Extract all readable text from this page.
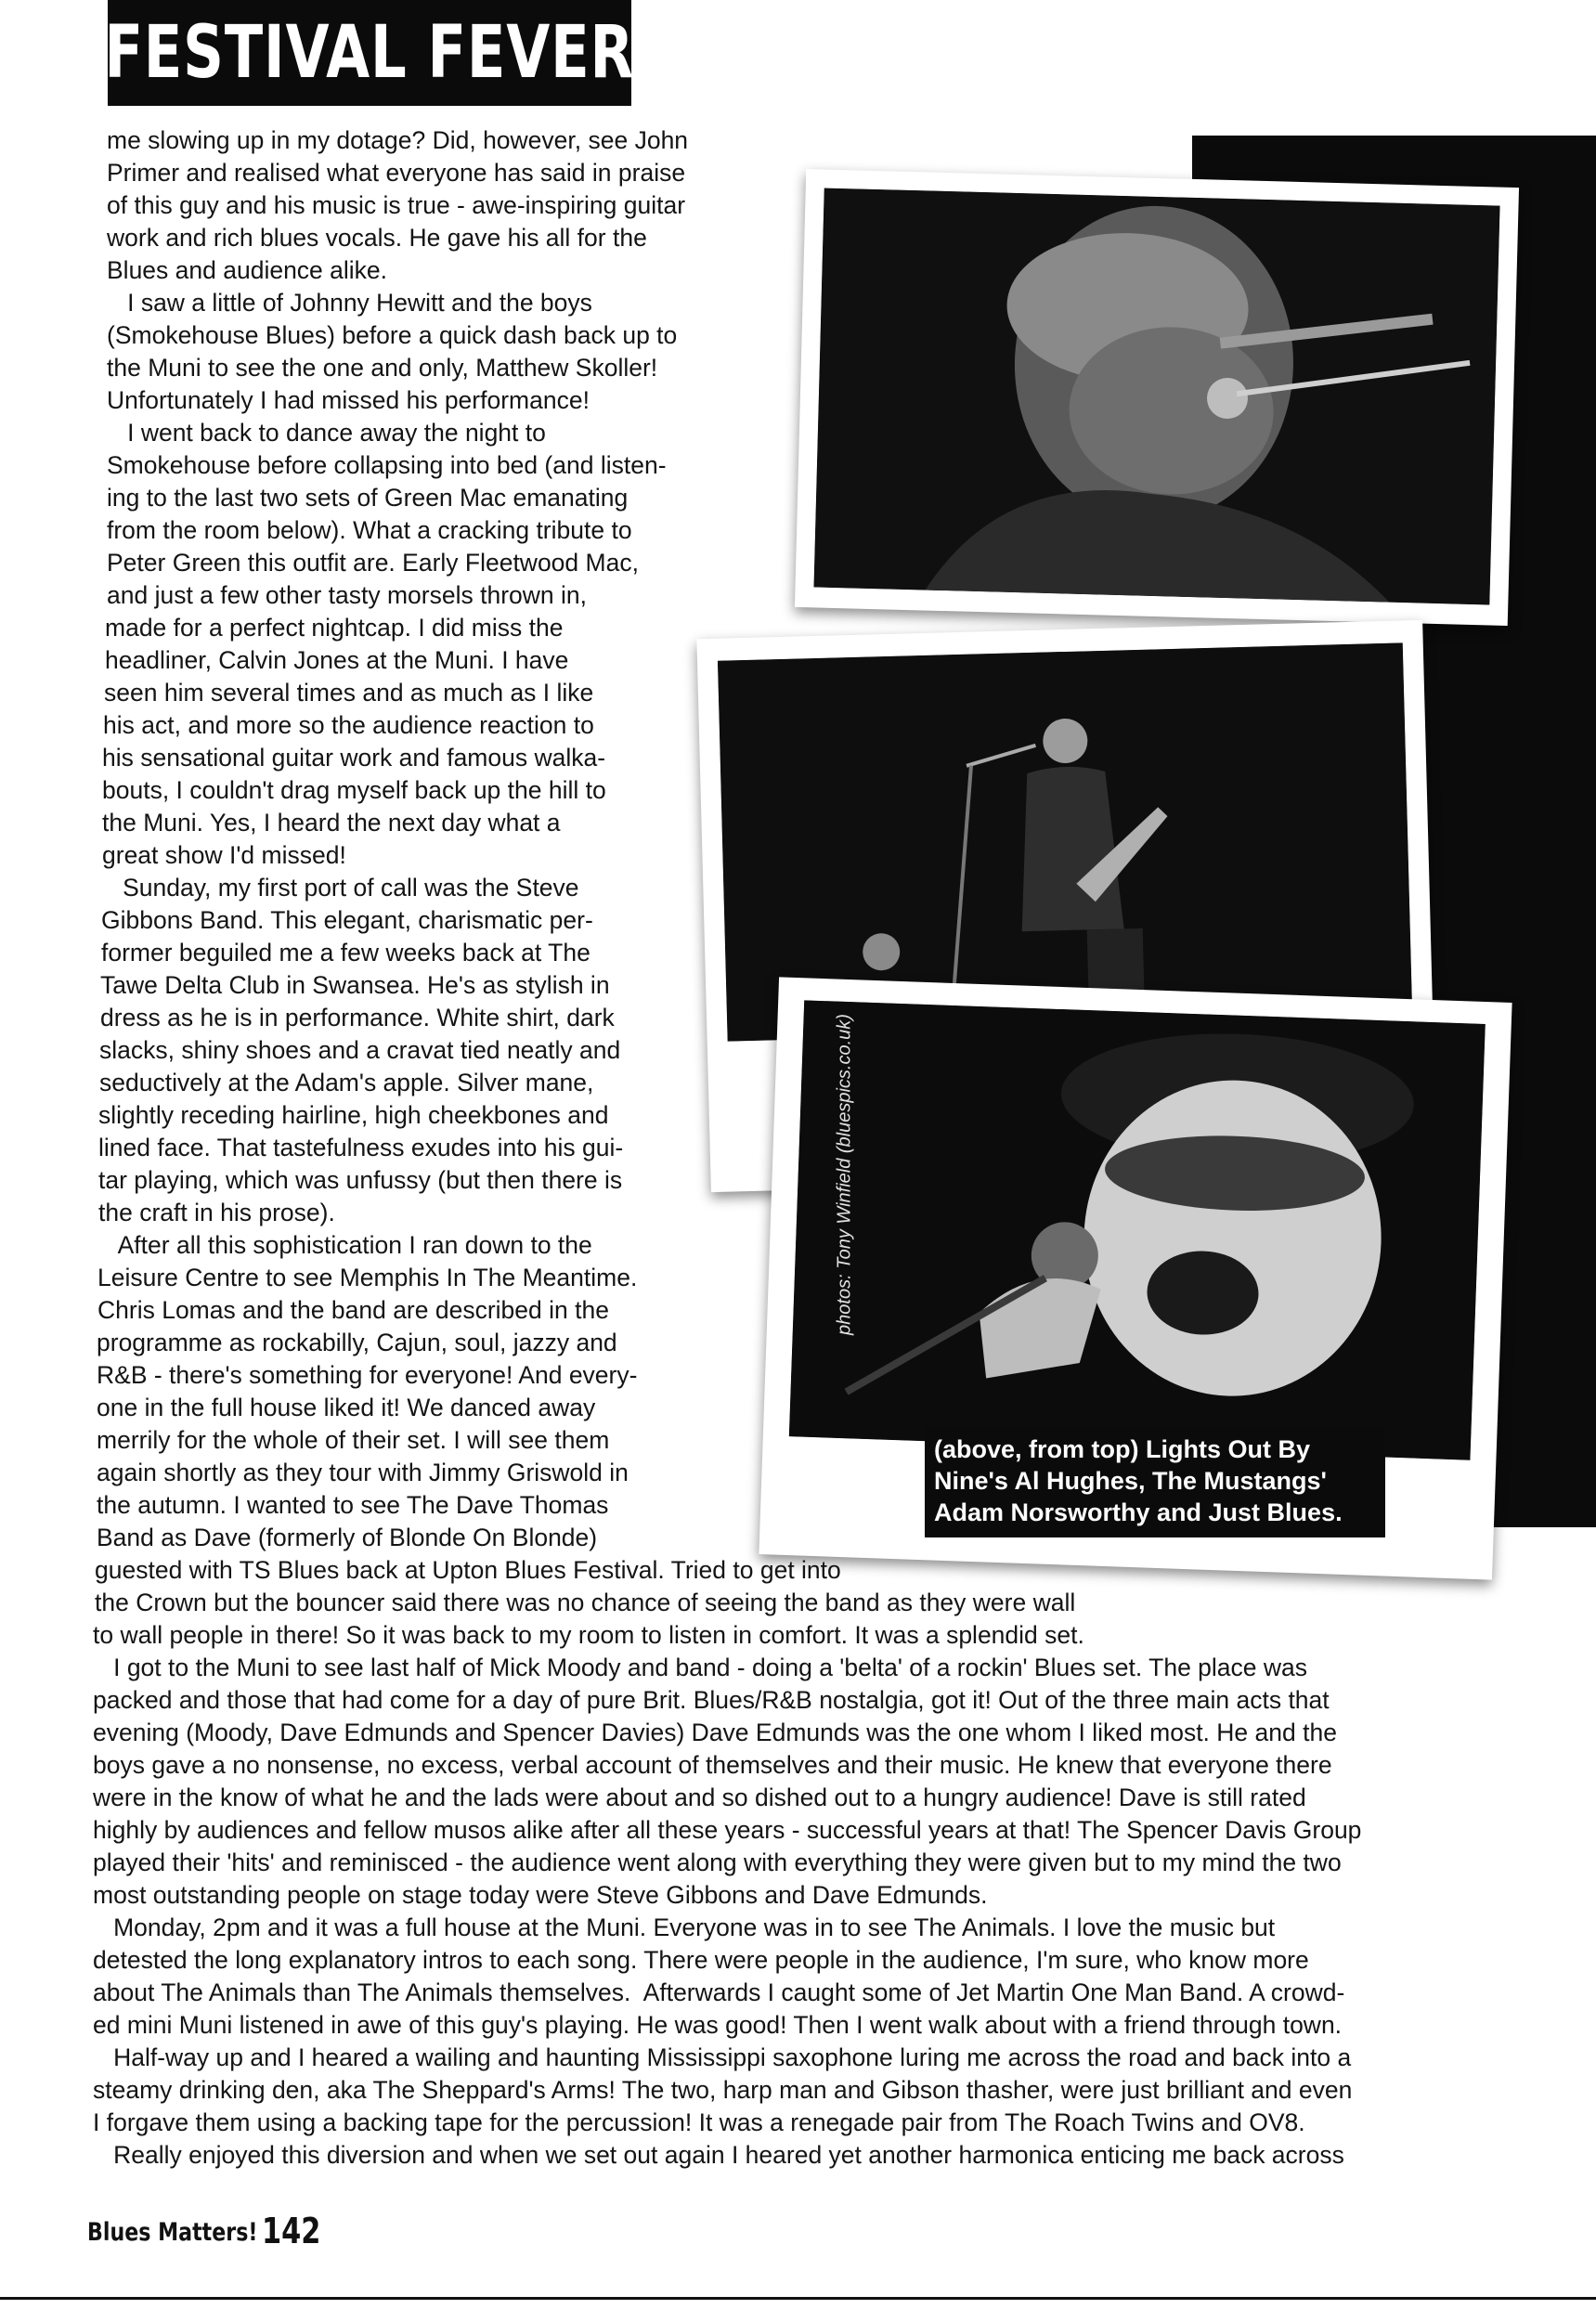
FESTIVAL FEVER
photos: Tony Winfield (bluespics.co.uk)
(above, from top) Lights Out By
Nine's Al Hughes, The Mustangs'
Adam Norsworthy and Just Blues.
me slowing up in my dotage? Did, however, see John
Primer and realised what everyone has said in praise
of this guy and his music is true - awe-inspiring guitar
work and rich blues vocals. He gave his all for the
Blues and audience alike.
I saw a little of Johnny Hewitt and the boys
(Smokehouse Blues) before a quick dash back up to
the Muni to see the one and only, Matthew Skoller!
Unfortunately I had missed his performance!
I went back to dance away the night to
Smokehouse before collapsing into bed (and listen-
ing to the last two sets of Green Mac emanating
from the room below). What a cracking tribute to
Peter Green this outfit are. Early Fleetwood Mac,
and just a few other tasty morsels thrown in,
made for a perfect nightcap. I did miss the
headliner, Calvin Jones at the Muni. I have
seen him several times and as much as I like
his act, and more so the audience reaction to
his sensational guitar work and famous walka-
bouts, I couldn't drag myself back up the hill to
the Muni. Yes, I heard the next day what a
great show I'd missed!
Sunday, my first port of call was the Steve
Gibbons Band. This elegant, charismatic per-
former beguiled me a few weeks back at The
Tawe Delta Club in Swansea. He's as stylish in
dress as he is in performance. White shirt, dark
slacks, shiny shoes and a cravat tied neatly and
seductively at the Adam's apple. Silver mane,
slightly receding hairline, high cheekbones and
lined face. That tastefulness exudes into his gui-
tar playing, which was unfussy (but then there is
the craft in his prose).
After all this sophistication I ran down to the
Leisure Centre to see Memphis In The Meantime.
Chris Lomas and the band are described in the
programme as rockabilly, Cajun, soul, jazzy and
R&B - there's something for everyone! And every-
one in the full house liked it! We danced away
merrily for the whole of their set. I will see them
again shortly as they tour with Jimmy Griswold in
the autumn. I wanted to see The Dave Thomas
Band as Dave (formerly of Blonde On Blonde)
guested with TS Blues back at Upton Blues Festival. Tried to get into
the Crown but the bouncer said there was no chance of seeing the band as they were wall
to wall people in there! So it was back to my room to listen in comfort. It was a splendid set.
I got to the Muni to see last half of Mick Moody and band - doing a 'belta' of a rockin' Blues set. The place was
packed and those that had come for a day of pure Brit. Blues/R&B nostalgia, got it! Out of the three main acts that
evening (Moody, Dave Edmunds and Spencer Davies) Dave Edmunds was the one whom I liked most. He and the
boys gave a no nonsense, no excess, verbal account of themselves and their music. He knew that everyone there
were in the know of what he and the lads were about and so dished out to a hungry audience! Dave is still rated
highly by audiences and fellow musos alike after all these years - successful years at that! The Spencer Davis Group
played their 'hits' and reminisced - the audience went along with everything they were given but to my mind the two
most outstanding people on stage today were Steve Gibbons and Dave Edmunds.
Monday, 2pm and it was a full house at the Muni. Everyone was in to see The Animals. I love the music but
detested the long explanatory intros to each song. There were people in the audience, I'm sure, who know more
about The Animals than The Animals themselves.  Afterwards I caught some of Jet Martin One Man Band. A crowd-
ed mini Muni listened in awe of this guy's playing. He was good! Then I went walk about with a friend through town.
Half-way up and I heared a wailing and haunting Mississippi saxophone luring me across the road and back into a
steamy drinking den, aka The Sheppard's Arms! The two, harp man and Gibson thasher, were just brilliant and even
I forgave them using a backing tape for the percussion! It was a renegade pair from The Roach Twins and OV8.
Really enjoyed this diversion and when we set out again I heared yet another harmonica enticing me back across
Blues Matters! 142
